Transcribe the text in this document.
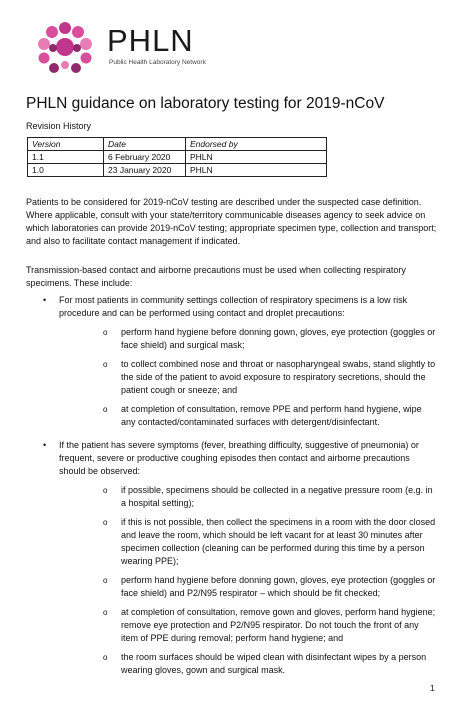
PHLN
Public Health Laboratory Network
PHLN guidance on laboratory testing for 2019-nCoV
Revision History
Version	Date	Endorsed by
1.1	6 February 2020	PHLN
1.0	23 January 2020	PHLN
Patients to be considered for 2019-nCoV testing are described under the suspected case definition. Where applicable, consult with your state/territory communicable diseases agency to seek advice on which laboratories can provide 2019-nCoV testing; appropriate specimen type, collection and transport; and also to facilitate contact management if indicated.
Transmission-based contact and airborne precautions must be used when collecting respiratory specimens. These include:
• For most patients in community settings collection of respiratory specimens is a low risk procedure and can be performed using contact and droplet precautions:
o perform hand hygiene before donning gown, gloves, eye protection (goggles or face shield) and surgical mask;
o to collect combined nose and throat or nasopharyngeal swabs, stand slightly to the side of the patient to avoid exposure to respiratory secretions, should the patient cough or sneeze; and
o at completion of consultation, remove PPE and perform hand hygiene, wipe any contacted/contaminated surfaces with detergent/disinfectant.
• If the patient has severe symptoms (fever, breathing difficulty, suggestive of pneumonia) or frequent, severe or productive coughing episodes then contact and airborne precautions should be observed:
o if possible, specimens should be collected in a negative pressure room (e.g. in a hospital setting);
o if this is not possible, then collect the specimens in a room with the door closed and leave the room, which should be left vacant for at least 30 minutes after specimen collection (cleaning can be performed during this time by a person wearing PPE);
o perform hand hygiene before donning gown, gloves, eye protection (goggles or face shield) and P2/N95 respirator – which should be fit checked;
o at completion of consultation, remove gown and gloves, perform hand hygiene; remove eye protection and P2/N95 respirator. Do not touch the front of any item of PPE during removal; perform hand hygiene; and
o the room surfaces should be wiped clean with disinfectant wipes by a person wearing gloves, gown and surgical mask.
1
